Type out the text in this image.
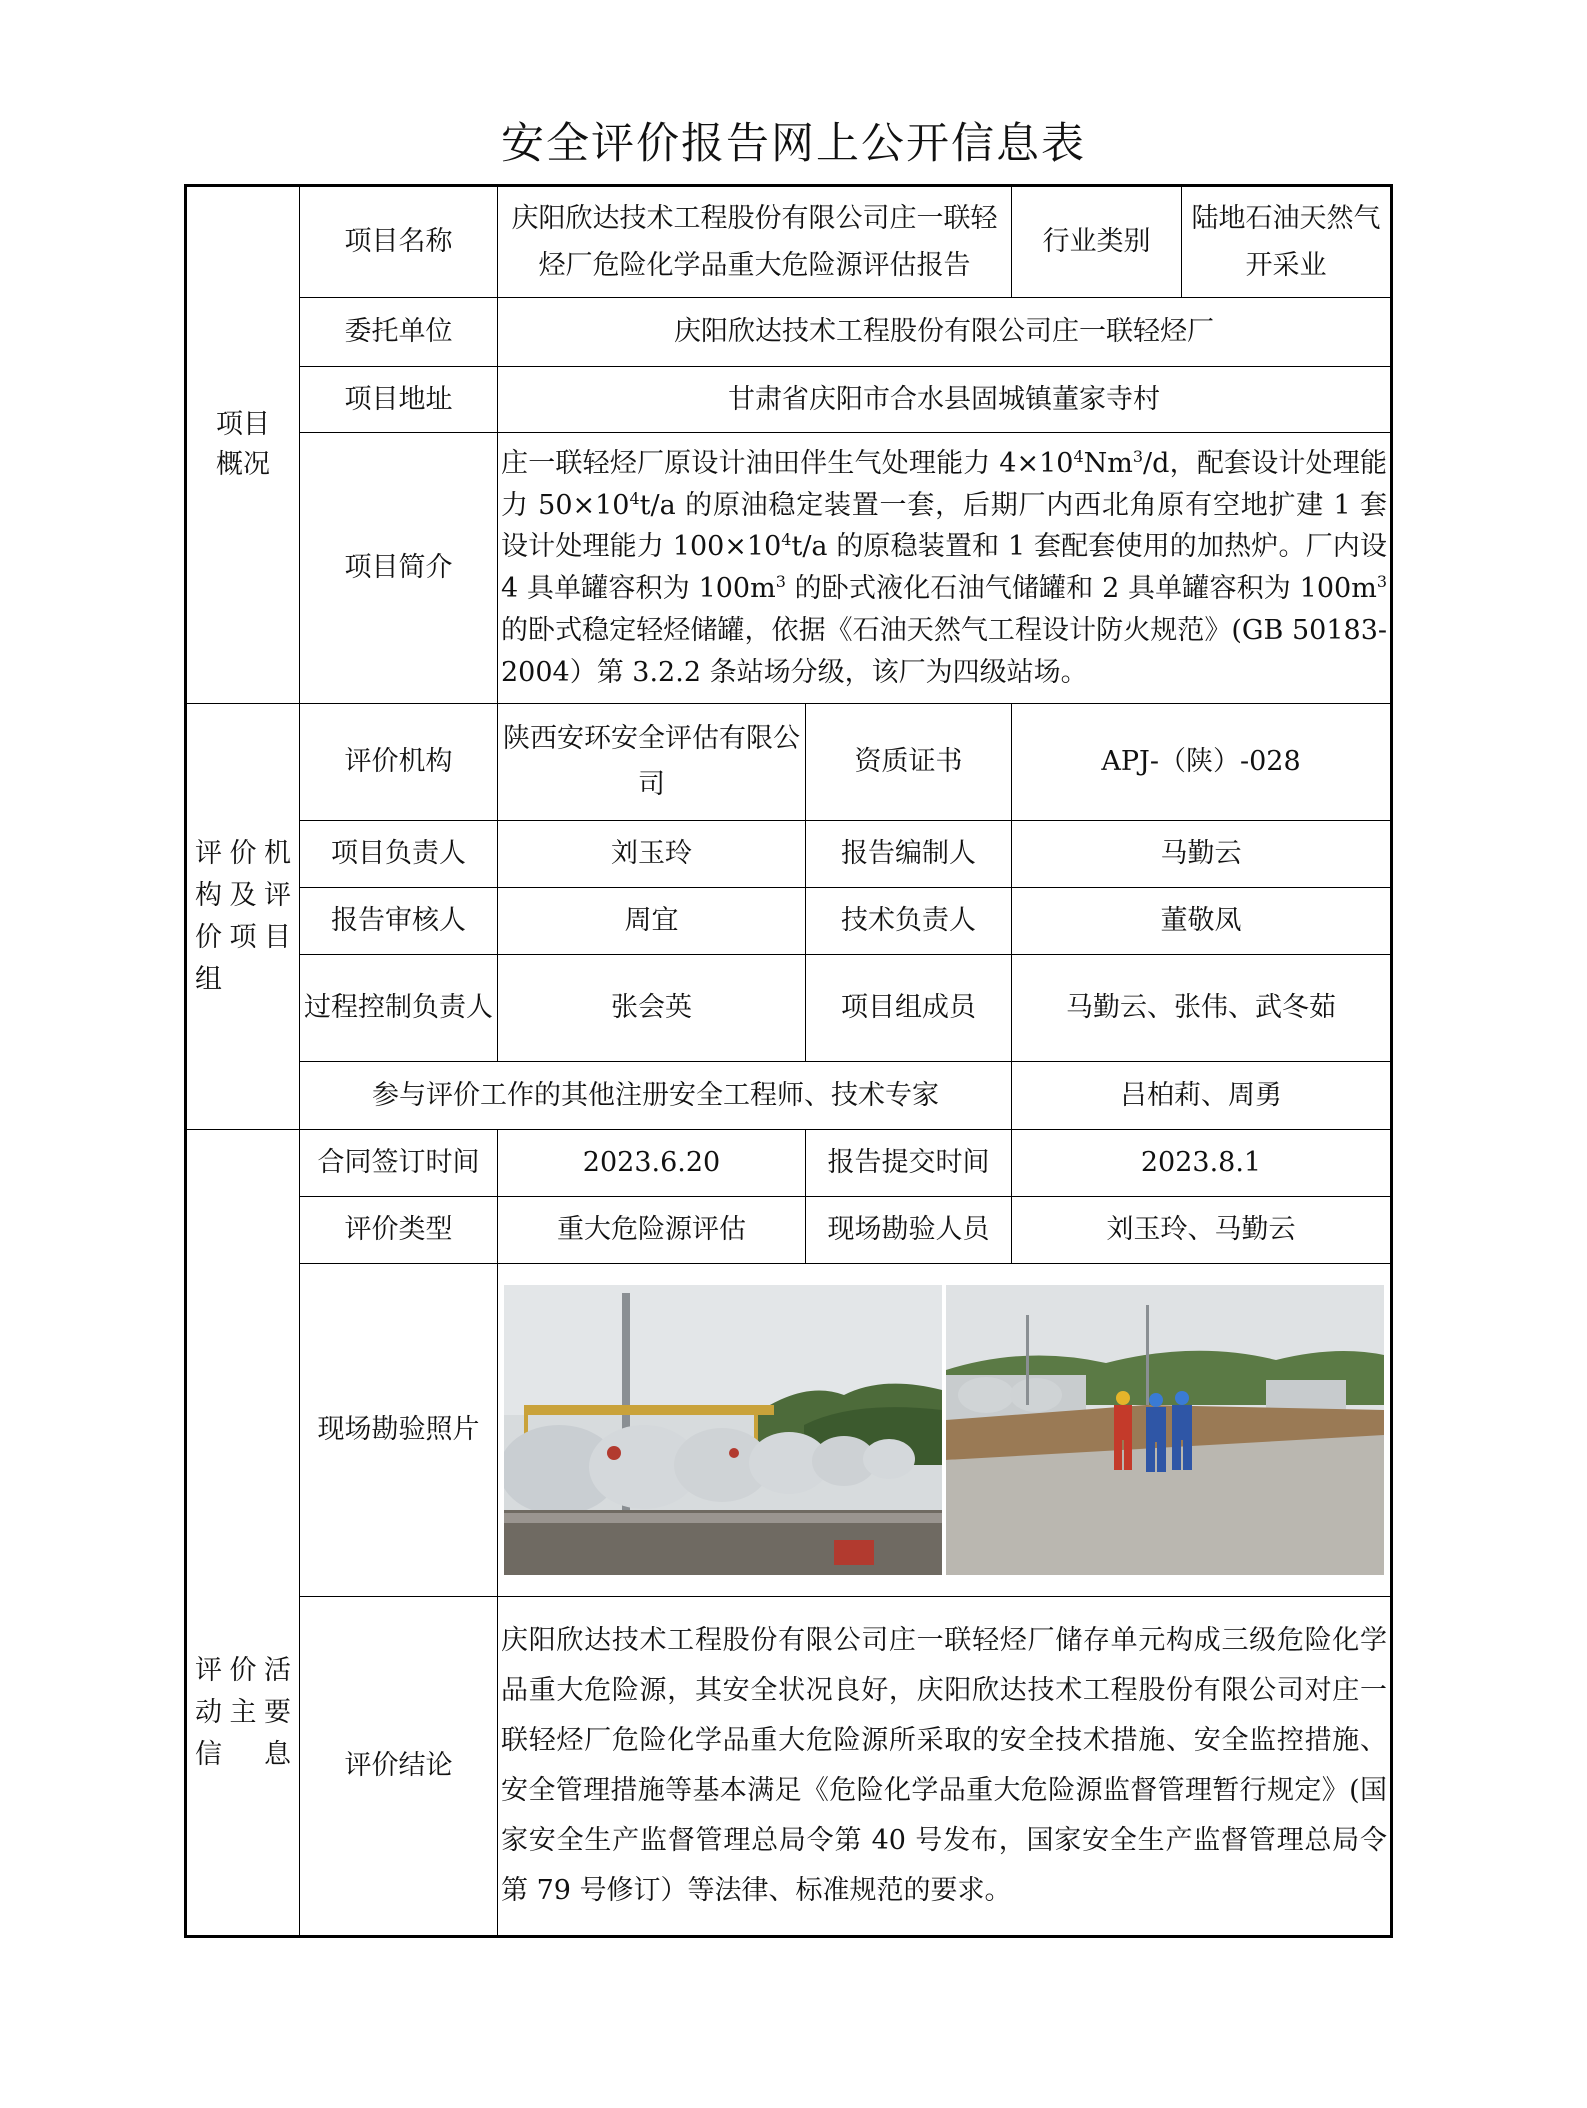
安全评价报告网上公开信息表
项目概况	项目名称	庆阳欣达技术工程股份有限公司庄一联轻烃厂危险化学品重大危险源评估报告		行业类别	陆地石油天然气开采业
	委托单位	庆阳欣达技术工程股份有限公司庄一联轻烃厂			
	项目地址	甘肃省庆阳市合水县固城镇董家寺村			
	项目简介	庄一联轻烃厂原设计油田伴生气处理能力 $4\times 10^4Nm^3/d$，配套设计处理能力 $50\times 10^4t/a$ 的原油稳定装置一套，后期厂内西北角原有空地扩建 1 套设计处理能力 $100\times 10^4t/a$ 的原稳装置和 1 套配套使用的加热炉。厂内设 4 具单罐容积为 $100m^3$ 的卧式液化石油气储罐和 2 具单罐容积为 $100m^3$ 的卧式稳定轻烃储罐，依据《石油天然气工程设计防火规范》(GB 50183-2004）第 3.2.2 条站场分级，该厂为四级站场。			

评价机构及评价项目组	评价机构	陕西安环安全评估有限公司	资质证书	APJ-（陕）-028	
	项目负责人	刘玉玲	报告编制人	马勤云	
	报告审核人	周宜	技术负责人	董敬凤	
	过程控制负责人	张会英	项目组成员	马勤云、张伟、武冬茹	
	参与评价工作的其他注册安全工程师、技术专家			吕柏莉、周勇	

评价活动主要信息	合同签订时间	2023.6.20	报告提交时间	2023.8.1	
	评价类型	重大危险源评估	现场勘验人员	刘玉玲、马勤云	
	现场勘验照片	

	评价结论	庆阳欣达技术工程股份有限公司庄一联轻烃厂储存单元构成三级危险化学品重大危险源，其安全状况良好，庆阳欣达技术工程股份有限公司对庄一联轻烃厂危险化学品重大危险源所采取的安全技术措施、安全监控措施、安全管理措施等基本满足《危险化学品重大危险源监督管理暂行规定》(国家安全生产监督管理总局令第 40 号发布，国家安全生产监督管理总局令第 79 号修订）等法律、标准规范的要求。			
